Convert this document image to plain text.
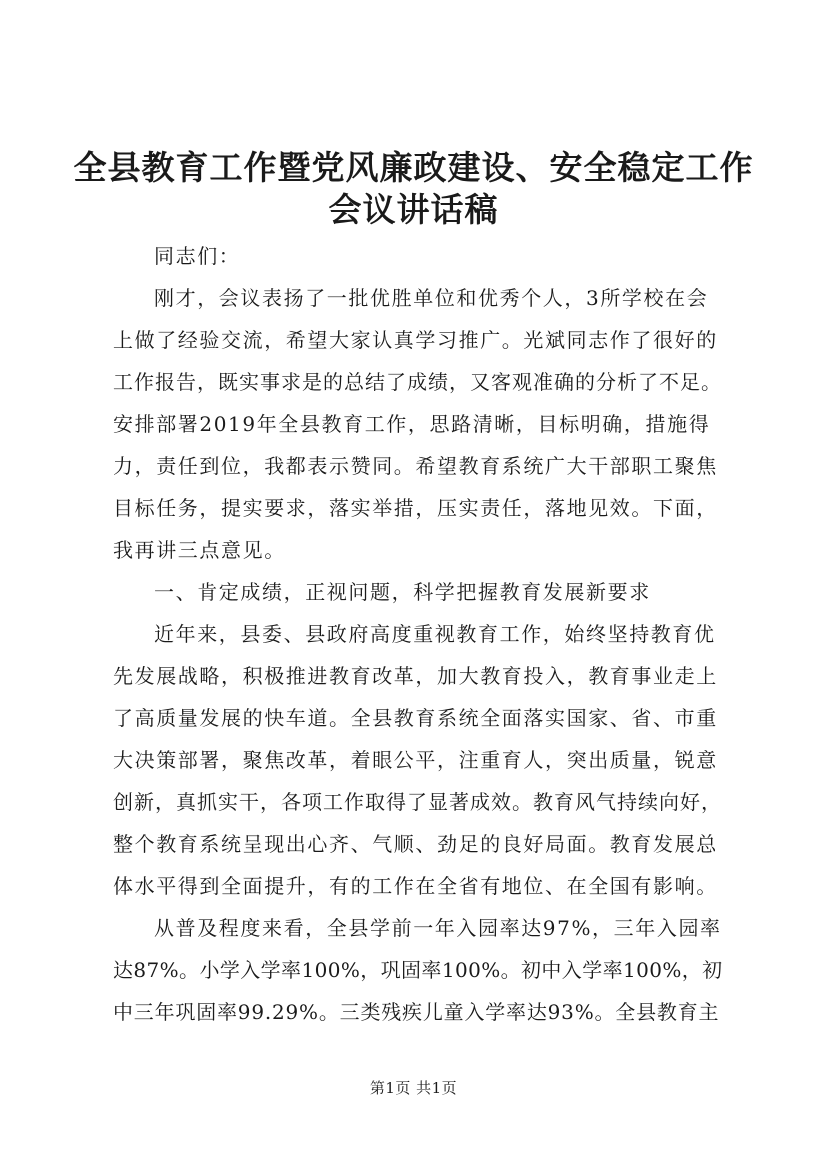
全县教育工作暨党风廉政建设、安全稳定工作
会议讲话稿

同志们：

刚才，会议表扬了一批优胜单位和优秀个人，3所学校在会

上做了经验交流，希望大家认真学习推广。光斌同志作了很好的

工作报告，既实事求是的总结了成绩，又客观准确的分析了不足。

安排部署2019年全县教育工作，思路清晰，目标明确，措施得

力，责任到位，我都表示赞同。希望教育系统广大干部职工聚焦

目标任务，提实要求，落实举措，压实责任，落地见效。下面，

我再讲三点意见。

一、肯定成绩，正视问题，科学把握教育发展新要求

近年来，县委、县政府高度重视教育工作，始终坚持教育优

先发展战略，积极推进教育改革，加大教育投入，教育事业走上

了高质量发展的快车道。全县教育系统全面落实国家、省、市重

大决策部署，聚焦改革，着眼公平，注重育人，突出质量，锐意

创新，真抓实干，各项工作取得了显著成效。教育风气持续向好，

整个教育系统呈现出心齐、气顺、劲足的良好局面。教育发展总

体水平得到全面提升，有的工作在全省有地位、在全国有影响。

从普及程度来看，全县学前一年入园率达97%，三年入园率

达87%。小学入学率100%，巩固率100%。初中入学率100%，初

中三年巩固率99.29%。三类残疾儿童入学率达93%。全县教育主

第1页 共1页
